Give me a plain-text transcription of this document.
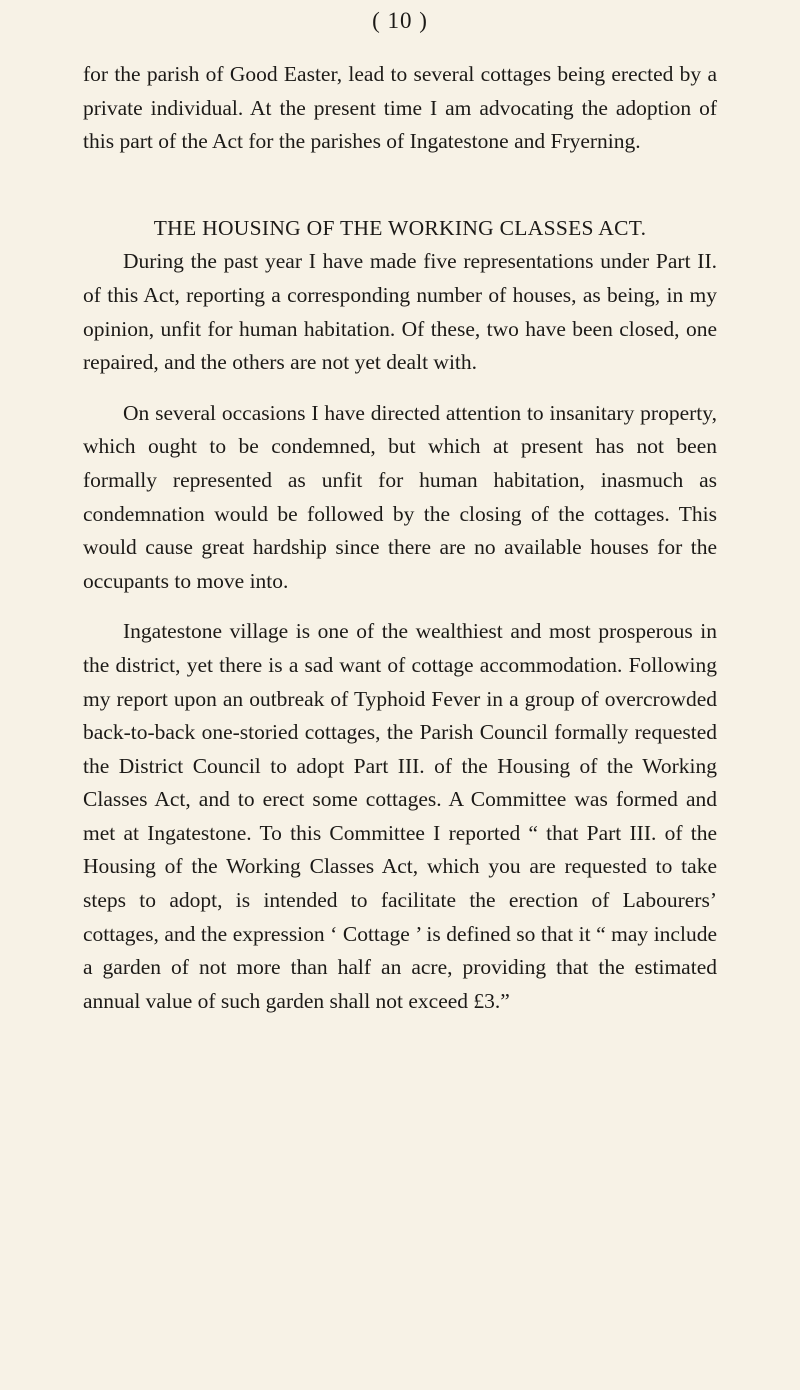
( 10 )

for the parish of Good Easter, lead to several cottages being erected by a private individual. At the present time I am advocating the adoption of this part of the Act for the parishes of Ingatestone and Fryerning.

THE HOUSING OF THE WORKING CLASSES ACT.

During the past year I have made five representations under Part II. of this Act, reporting a corresponding number of houses, as being, in my opinion, unfit for human habitation. Of these, two have been closed, one repaired, and the others are not yet dealt with.

On several occasions I have directed attention to insanitary property, which ought to be condemned, but which at present has not been formally represented as unfit for human habitation, inasmuch as condemnation would be followed by the closing of the cottages. This would cause great hardship since there are no available houses for the occupants to move into.

Ingatestone village is one of the wealthiest and most prosperous in the district, yet there is a sad want of cottage accommodation. Following my report upon an outbreak of Typhoid Fever in a group of overcrowded back-to-back one-storied cottages, the Parish Council formally requested the District Council to adopt Part III. of the Housing of the Working Classes Act, and to erect some cottages. A Committee was formed and met at Ingatestone. To this Committee I reported “ that Part III. of the Housing of the Working Classes Act, which you are requested to take steps to adopt, is intended to facilitate the erection of Labourers’ cottages, and the expression ‘ Cottage ’ is defined so that it “ may include a garden of not more than half an acre, providing that the estimated annual value of such garden shall not exceed £3.”
